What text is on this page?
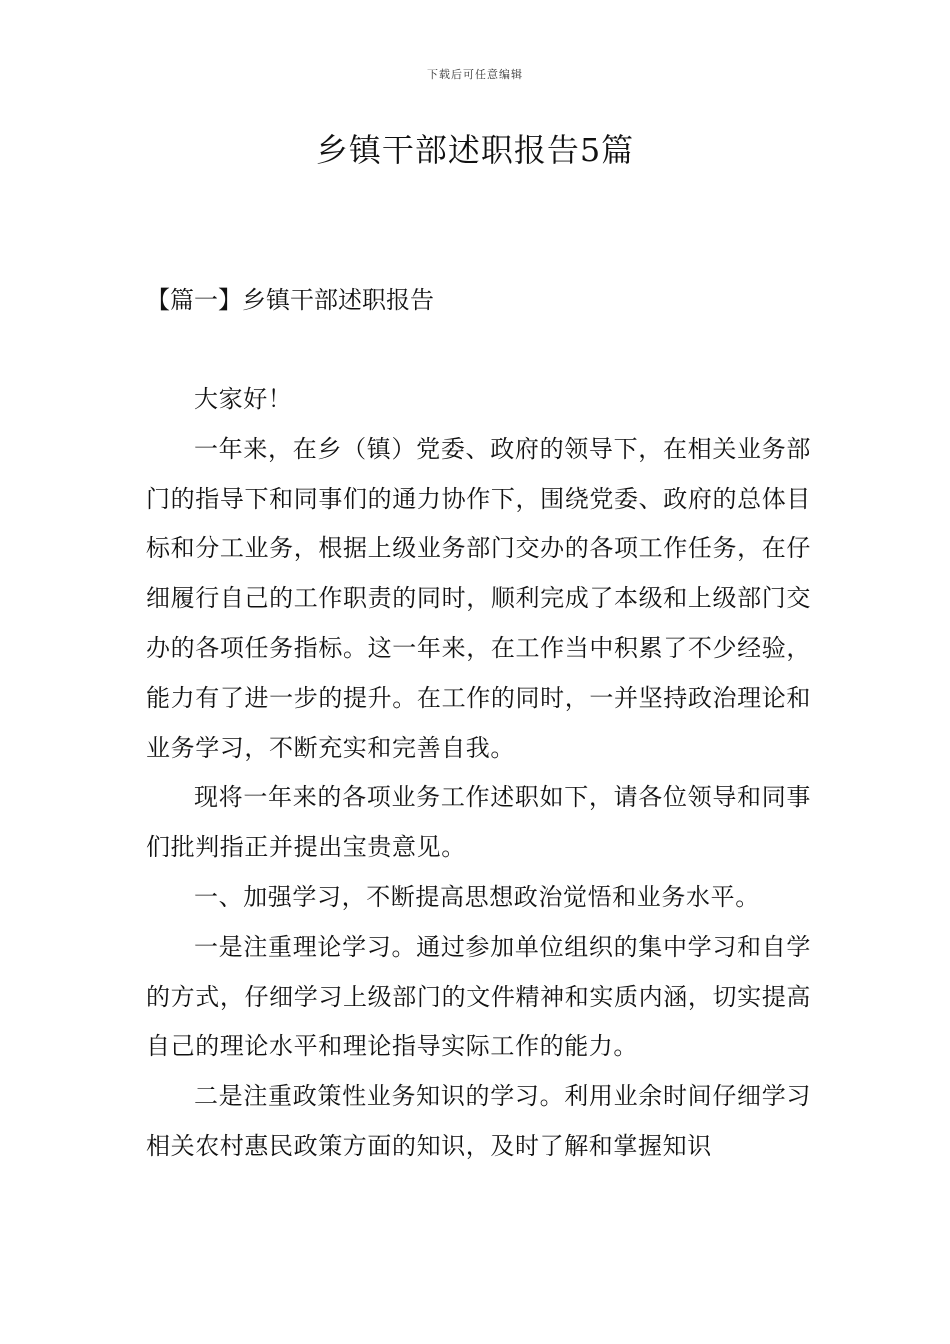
下载后可任意编辑
乡镇干部述职报告5篇
【篇一】乡镇干部述职报告

大家好！

一年来，在乡（镇）党委、政府的领导下，在相关业务部门的指导下和同事们的通力协作下，围绕党委、政府的总体目标和分工业务，根据上级业务部门交办的各项工作任务，在仔细履行自己的工作职责的同时，顺利完成了本级和上级部门交办的各项任务指标。这一年来，在工作当中积累了不少经验，能力有了进一步的提升。在工作的同时，一并坚持政治理论和业务学习，不断充实和完善自我。

现将一年来的各项业务工作述职如下，请各位领导和同事们批判指正并提出宝贵意见。

一、加强学习，不断提高思想政治觉悟和业务水平。

一是注重理论学习。通过参加单位组织的集中学习和自学的方式，仔细学习上级部门的文件精神和实质内涵，切实提高自己的理论水平和理论指导实际工作的能力。

二是注重政策性业务知识的学习。利用业余时间仔细学习相关农村惠民政策方面的知识，及时了解和掌握知识
